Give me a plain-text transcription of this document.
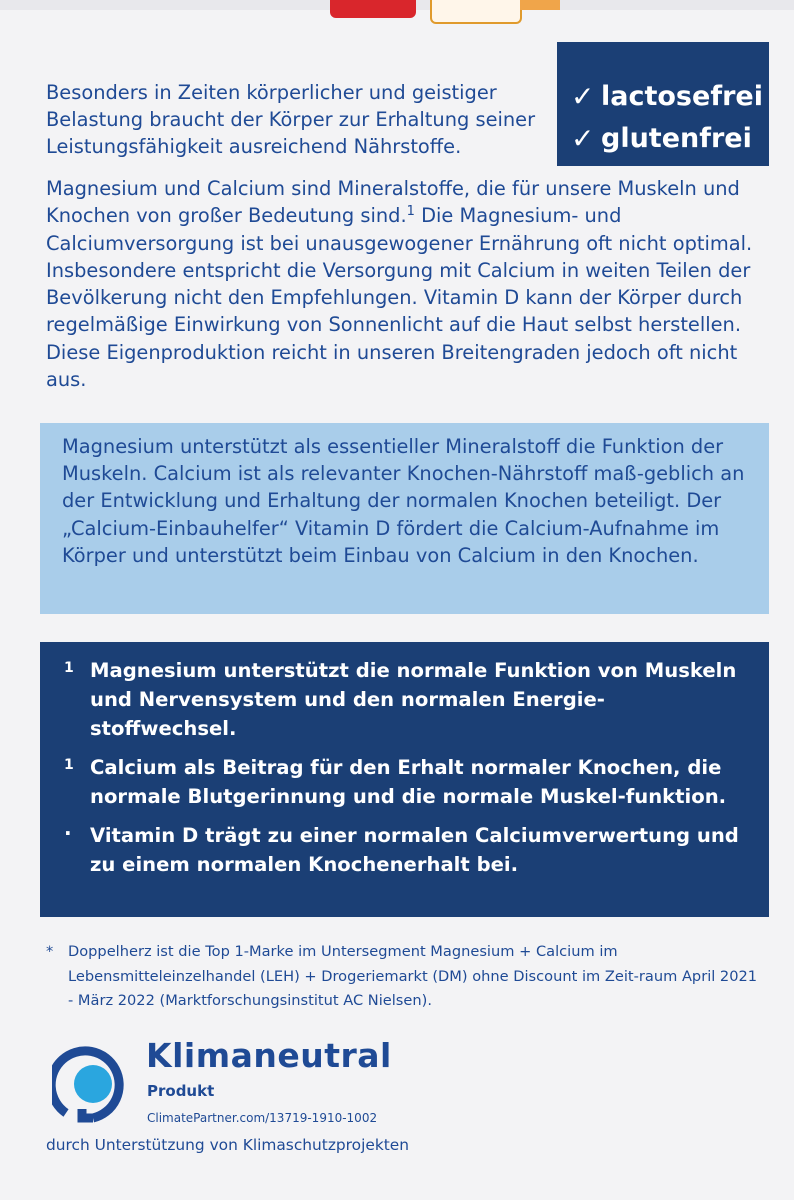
✓ lactosefrei
✓ glutenfrei
Besonders in Zeiten körperlicher und geistiger Belastung braucht der Körper zur Erhaltung seiner Leistungsfähigkeit ausreichend Nährstoffe.
Magnesium und Calcium sind Mineralstoffe, die für unsere Muskeln und Knochen von großer Bedeutung sind.$^1$ Die Magnesium- und Calciumversorgung ist bei unausgewogener Ernährung oft nicht optimal. Insbesondere entspricht die Versorgung mit Calcium in weiten Teilen der Bevölkerung nicht den Empfehlungen. Vitamin D kann der Körper durch regelmäßige Einwirkung von Sonnenlicht auf die Haut selbst herstellen. Diese Eigenproduktion reicht in unseren Breitengraden jedoch oft nicht aus.

Magnesium unterstützt als essentieller Mineralstoff die Funktion der Muskeln. Calcium ist als relevanter Knochen-Nährstoff maß-geblich an der Entwicklung und Erhaltung der normalen Knochen beteiligt. Der „Calcium-Einbauhelfer“ Vitamin D fördert die Calcium-Aufnahme im Körper und unterstützt beim Einbau von Calcium in den Knochen.

1 Magnesium unterstützt die normale Funktion von Muskeln und Nervensystem und den normalen Energie-stoffwechsel.
1 Calcium als Beitrag für den Erhalt normaler Knochen, die normale Blutgerinnung und die normale Muskel-funktion.
· Vitamin D trägt zu einer normalen Calciumverwertung und zu einem normalen Knochenerhalt bei.
*	Doppelherz ist die Top 1-Marke im Untersegment Magnesium + Calcium im Lebensmitteleinzelhandel (LEH) + Drogeriemarkt (DM) ohne Discount im Zeit-raum April 2021 - März 2022 (Marktforschungsinstitut AC Nielsen).
Klimaneutral
Produkt
ClimatePartner.com/13719-1910-1002
durch Unterstützung von Klimaschutzprojekten
